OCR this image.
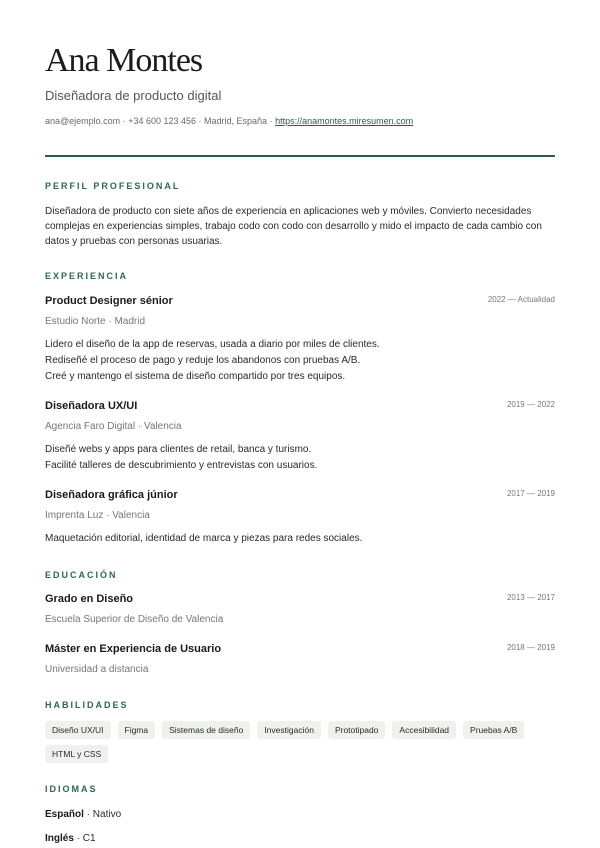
Ana Montes
Diseñadora de producto digital
ana@ejemplo.com · +34 600 123 456 · Madrid, España · https://anamontes.miresumen.com
PERFIL PROFESIONAL

Diseñadora de producto con siete años de experiencia en aplicaciones web y móviles. Convierto necesidades complejas en experiencias simples, trabajo codo con codo con desarrollo y mido el impacto de cada cambio con datos y pruebas con personas usuarias.

EXPERIENCIA
Product Designer sénior	2022 — Actualidad
Estudio Norte · Madrid
Lidero el diseño de la app de reservas, usada a diario por miles de clientes.
Rediseñé el proceso de pago y reduje los abandonos con pruebas A/B.
Creé y mantengo el sistema de diseño compartido por tres equipos.
Diseñadora UX/UI	2019 — 2022
Agencia Faro Digital · Valencia
Diseñé webs y apps para clientes de retail, banca y turismo.
Facilité talleres de descubrimiento y entrevistas con usuarios.
Diseñadora gráfica júnior	2017 — 2019
Imprenta Luz · Valencia
Maquetación editorial, identidad de marca y piezas para redes sociales.
EDUCACIÓN
Grado en Diseño	2013 — 2017
Escuela Superior de Diseño de Valencia
Máster en Experiencia de Usuario	2018 — 2019
Universidad a distancia
HABILIDADES
Diseño UX/UI	Figma	Sistemas de diseño	Investigación	Prototipado	Accesibilidad	Pruebas A/B
HTML y CSS
IDIOMAS
Español · Nativo
Inglés · C1
